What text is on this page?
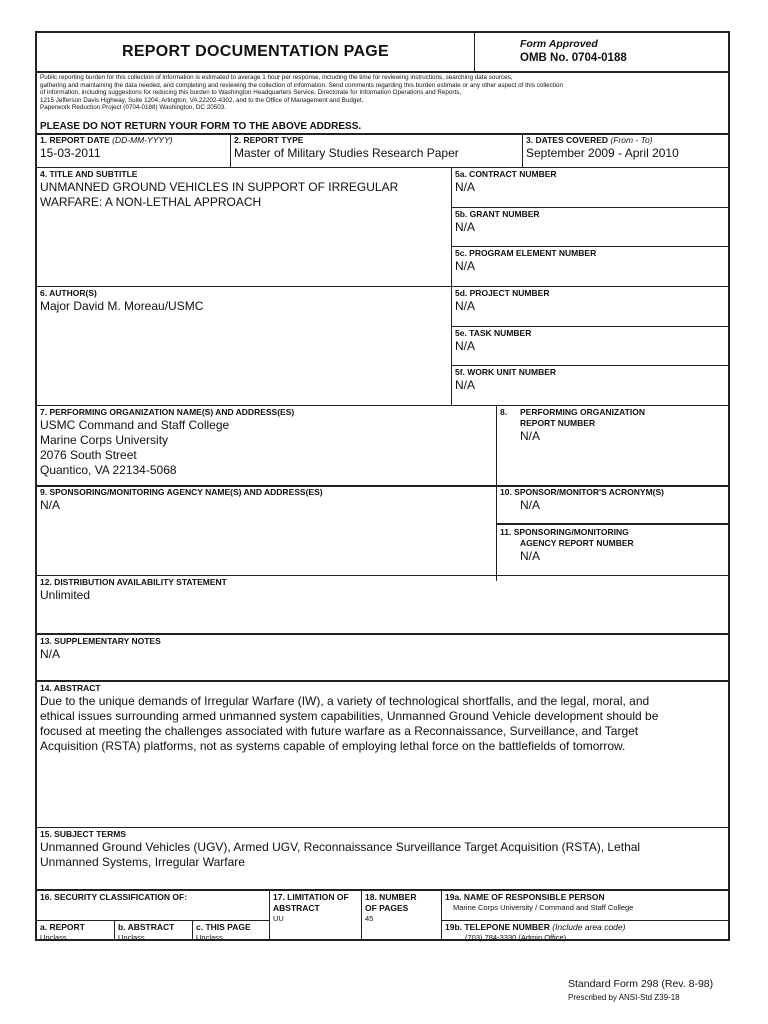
REPORT DOCUMENTATION PAGE	Form Approved
OMB No. 0704-0188
Public reporting burden for this collection of information is estimated to average 1 hour per response, including the time for reviewing instructions, searching data sources,
gathering and maintaining the data needed, and completing and reviewing the collection of information. Send comments regarding this burden estimate or any other aspect of this collection
of information, including suggestions for reducing this burden to Washington Headquarters Service, Directorate for Information Operations and Reports,
1215 Jefferson Davis Highway, Suite 1204, Arlington, VA 22202-4302, and to the Office of Management and Budget,
Paperwork Reduction Project (0704-0188) Washington, DC 20503.
PLEASE DO NOT RETURN YOUR FORM TO THE ABOVE ADDRESS.
1. REPORT DATE (DD-MM-YYYY)
15-03-2011
2. REPORT TYPE
Master of Military Studies Research Paper
3. DATES COVERED (From - To)
September 2009 - April 2010
4. TITLE AND SUBTITLE
UNMANNED GROUND VEHICLES IN SUPPORT OF IRREGULAR
WARFARE: A NON-LETHAL APPROACH
5a. CONTRACT NUMBER
N/A
5b. GRANT NUMBER
N/A
5c. PROGRAM ELEMENT NUMBER
N/A
6. AUTHOR(S)
Major David M. Moreau/USMC
5d. PROJECT NUMBER
N/A
5e. TASK NUMBER
N/A
5f. WORK UNIT NUMBER
N/A
7. PERFORMING ORGANIZATION NAME(S) AND ADDRESS(ES)
USMC Command and Staff College
Marine Corps University
2076 South Street
Quantico, VA 22134-5068
8. PERFORMING ORGANIZATION
REPORT NUMBER
N/A
9. SPONSORING/MONITORING AGENCY NAME(S) AND ADDRESS(ES)
N/A
10. SPONSOR/MONITOR'S ACRONYM(S)
N/A
11. SPONSORING/MONITORING
AGENCY REPORT NUMBER
N/A
12. DISTRIBUTION AVAILABILITY STATEMENT
Unlimited
13. SUPPLEMENTARY NOTES
N/A
14. ABSTRACT
Due to the unique demands of Irregular Warfare (IW), a variety of technological shortfalls, and the legal, moral, and
ethical issues surrounding armed unmanned system capabilities, Unmanned Ground Vehicle development should be
focused at meeting the challenges associated with future warfare as a Reconnaissance, Surveillance, and Target
Acquisition (RSTA) platforms, not as systems capable of employing lethal force on the battlefields of tomorrow.
15. SUBJECT TERMS
Unmanned Ground Vehicles (UGV), Armed UGV, Reconnaissance Surveillance Target Acquisition (RSTA), Lethal
Unmanned Systems, Irregular Warfare
16. SECURITY CLASSIFICATION OF:
a. REPORT
Unclass
b. ABSTRACT
Unclass
c. THIS PAGE
Unclass
17. LIMITATION OF
ABSTRACT
UU
18. NUMBER
OF PAGES
45
19a. NAME OF RESPONSIBLE PERSON
Marine Corps University / Command and Staff College
19b. TELEPONE NUMBER (Include area code)
(703) 784-3330 (Admin Office)
Standard Form 298 (Rev. 8-98)
Prescribed by ANSI-Std Z39-18
